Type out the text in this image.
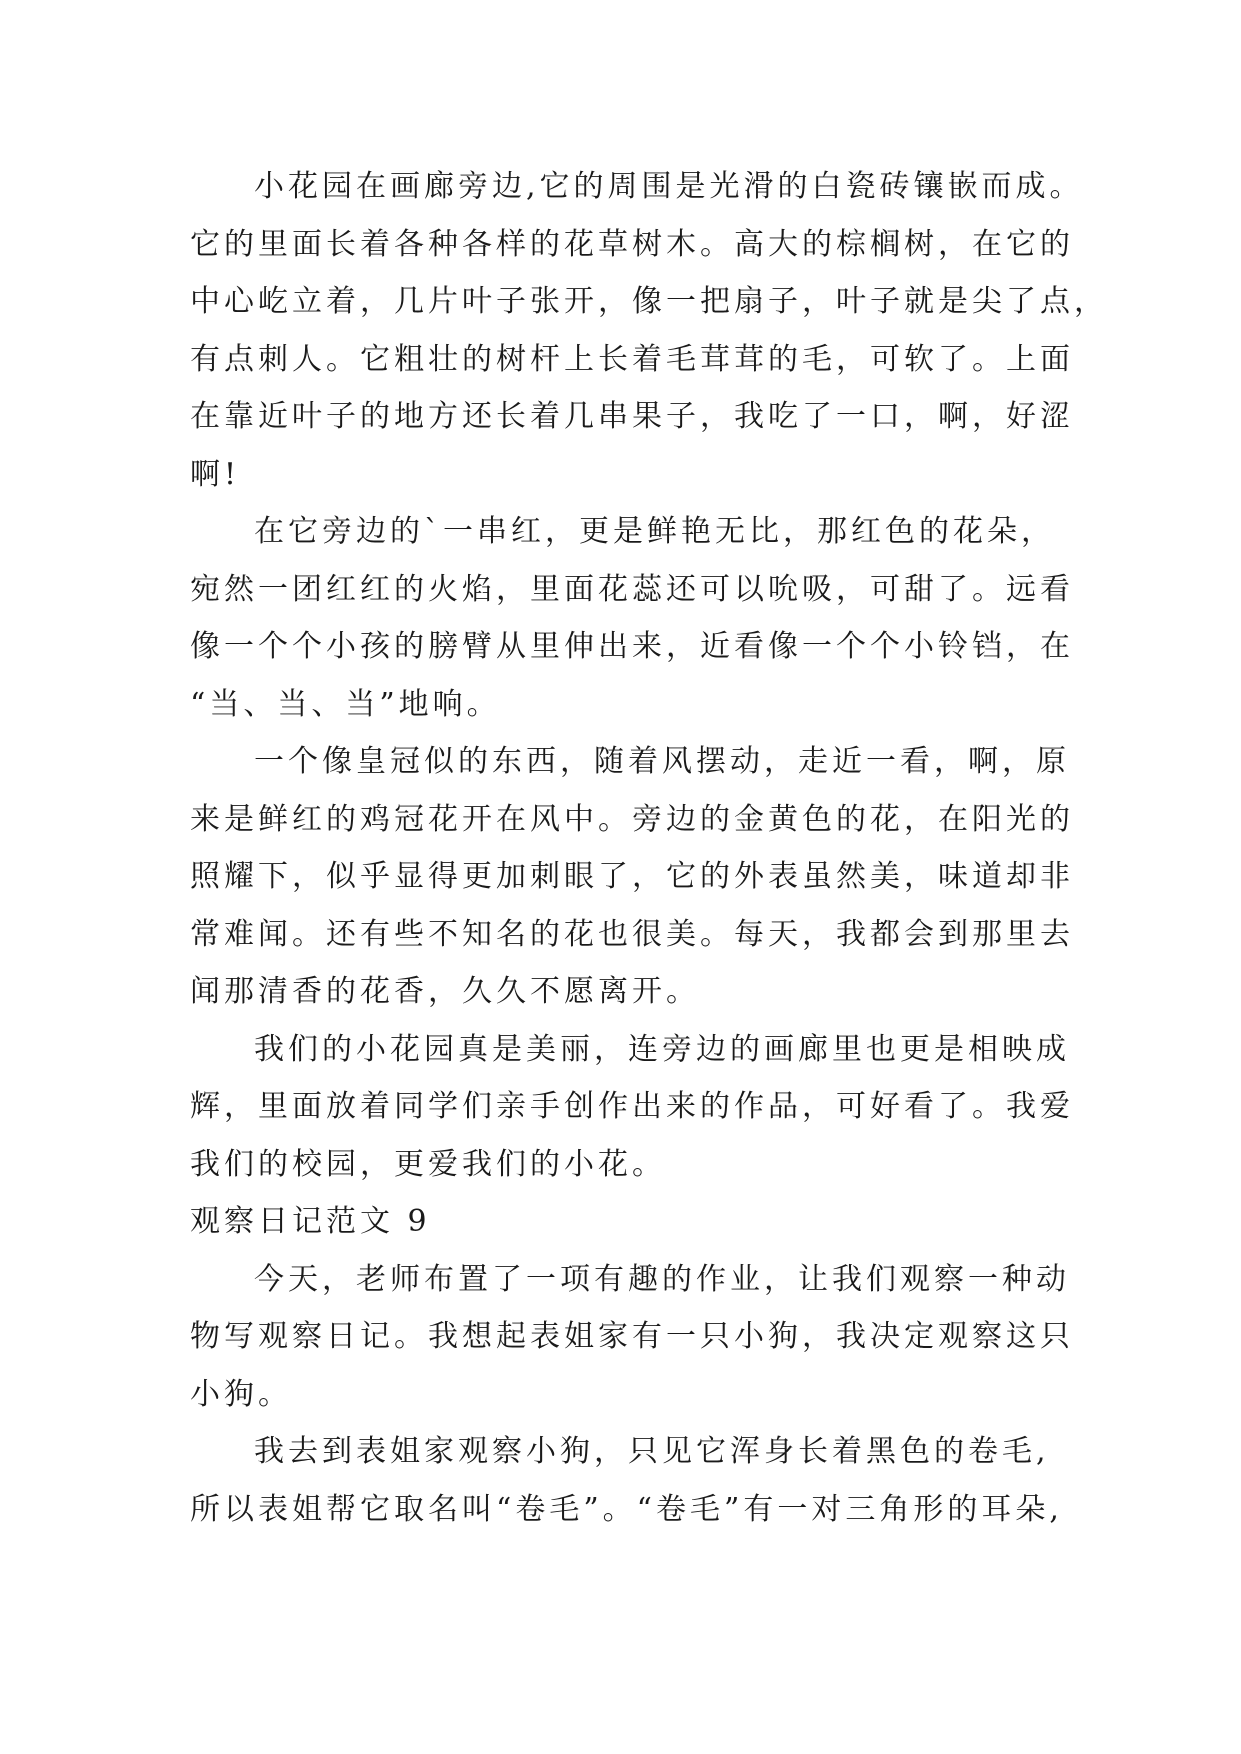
小花园在画廊旁边,它的周围是光滑的白瓷砖镶嵌而成。
它的里面长着各种各样的花草树木。高大的棕榈树，在它的
中心屹立着，几片叶子张开，像一把扇子，叶子就是尖了点，
有点刺人。它粗壮的树杆上长着毛茸茸的毛，可软了。上面
在靠近叶子的地方还长着几串果子，我吃了一口，啊，好涩
啊!
在它旁边的`一串红，更是鲜艳无比，那红色的花朵，
宛然一团红红的火焰，里面花蕊还可以吮吸，可甜了。远看
像一个个小孩的膀臂从里伸出来，近看像一个个小铃铛，在
“当、当、当”地响。
一个像皇冠似的东西，随着风摆动，走近一看，啊，原
来是鲜红的鸡冠花开在风中。旁边的金黄色的花，在阳光的
照耀下，似乎显得更加刺眼了，它的外表虽然美，味道却非
常难闻。还有些不知名的花也很美。每天，我都会到那里去
闻那清香的花香，久久不愿离开。
我们的小花园真是美丽，连旁边的画廊里也更是相映成
辉，里面放着同学们亲手创作出来的作品，可好看了。我爱
我们的校园，更爱我们的小花。
观察日记范文 9
今天，老师布置了一项有趣的作业，让我们观察一种动
物写观察日记。我想起表姐家有一只小狗，我决定观察这只
小狗。
我去到表姐家观察小狗，只见它浑身长着黑色的卷毛,
所以表姐帮它取名叫“卷毛”。“卷毛”有一对三角形的耳朵,
